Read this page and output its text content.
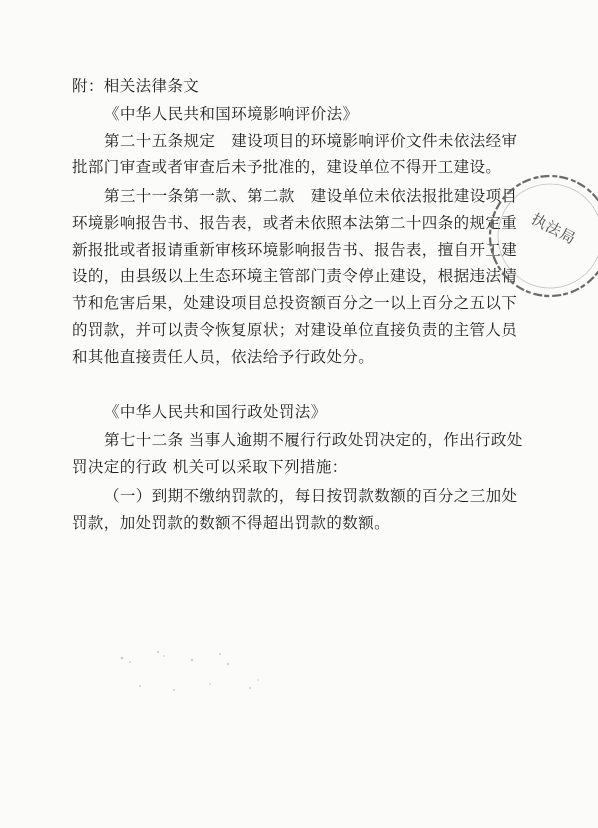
附：相关法律条文
《中华人民共和国环境影响评价法》
第二十五条规定　建设项目的环境影响评价文件未依法经审
批部门审查或者审查后未予批准的，建设单位不得开工建设。
第三十一条第一款、第二款　建设单位未依法报批建设项目
环境影响报告书、报告表，或者未依照本法第二十四条的规定重
新报批或者报请重新审核环境影响报告书、报告表，擅自开工建
设的，由县级以上生态环境主管部门责令停止建设，根据违法情
节和危害后果，处建设项目总投资额百分之一以上百分之五以下
的罚款，并可以责令恢复原状；对建设单位直接负责的主管人员
和其他直接责任人员，依法给予行政处分。
《中华人民共和国行政处罚法》
第七十二条 当事人逾期不履行行政处罚决定的，作出行政处
罚决定的行政 机关可以采取下列措施：
（一）到期不缴纳罚款的，每日按罚款数额的百分之三加处
罚款，加处罚款的数额不得超出罚款的数额。
执法局
